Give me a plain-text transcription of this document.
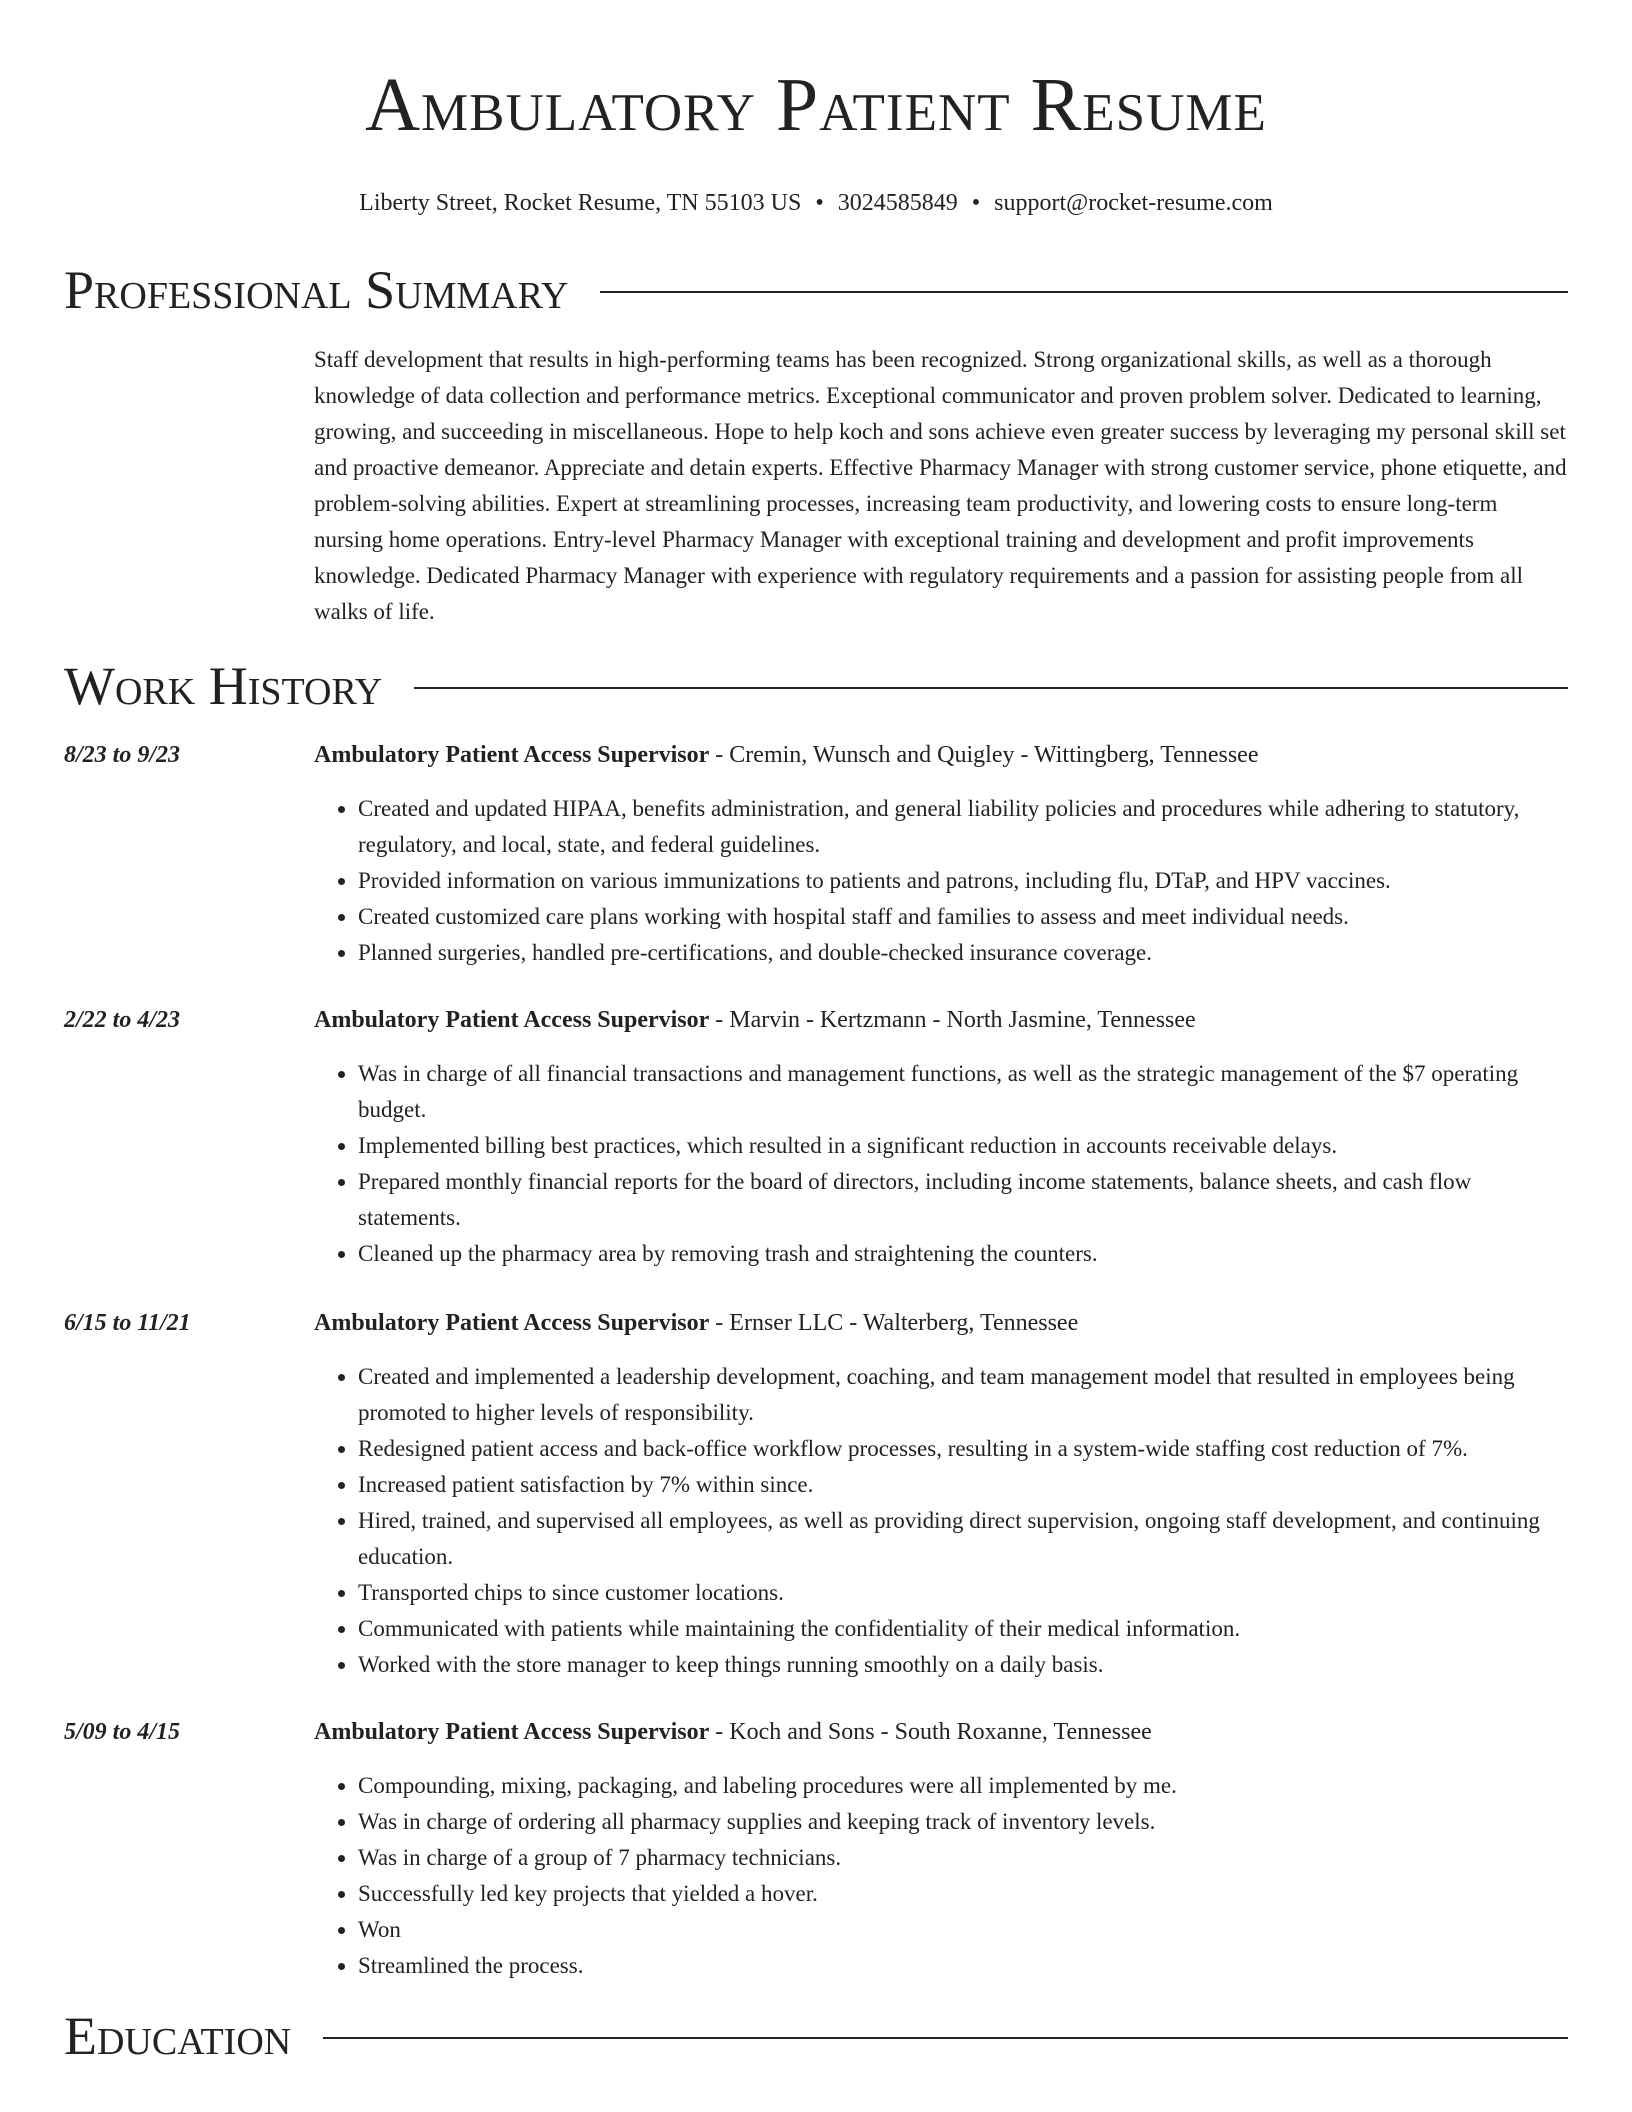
Ambulatory Patient Resume
Liberty Street, Rocket Resume, TN 55103 US • 3024585849 • support@rocket-resume.com
Professional Summary
Staff development that results in high-performing teams has been recognized. Strong organizational skills, as well as a thorough knowledge of data collection and performance metrics. Exceptional communicator and proven problem solver. Dedicated to learning, growing, and succeeding in miscellaneous. Hope to help koch and sons achieve even greater success by leveraging my personal skill set and proactive demeanor. Appreciate and detain experts. Effective Pharmacy Manager with strong customer service, phone etiquette, and problem-solving abilities. Expert at streamlining processes, increasing team productivity, and lowering costs to ensure long-term nursing home operations. Entry-level Pharmacy Manager with exceptional training and development and profit improvements knowledge. Dedicated Pharmacy Manager with experience with regulatory requirements and a passion for assisting people from all walks of life.
Work History
8/23 to 9/23	Ambulatory Patient Access Supervisor - Cremin, Wunsch and Quigley - Wittingberg, Tennessee
• Created and updated HIPAA, benefits administration, and general liability policies and procedures while adhering to statutory, regulatory, and local, state, and federal guidelines.
• Provided information on various immunizations to patients and patrons, including flu, DTaP, and HPV vaccines.
• Created customized care plans working with hospital staff and families to assess and meet individual needs.
• Planned surgeries, handled pre-certifications, and double-checked insurance coverage.
2/22 to 4/23	Ambulatory Patient Access Supervisor - Marvin - Kertzmann - North Jasmine, Tennessee
• Was in charge of all financial transactions and management functions, as well as the strategic management of the $7 operating budget.
• Implemented billing best practices, which resulted in a significant reduction in accounts receivable delays.
• Prepared monthly financial reports for the board of directors, including income statements, balance sheets, and cash flow statements.
• Cleaned up the pharmacy area by removing trash and straightening the counters.
6/15 to 11/21	Ambulatory Patient Access Supervisor - Ernser LLC - Walterberg, Tennessee
• Created and implemented a leadership development, coaching, and team management model that resulted in employees being promoted to higher levels of responsibility.
• Redesigned patient access and back-office workflow processes, resulting in a system-wide staffing cost reduction of 7%.
• Increased patient satisfaction by 7% within since.
• Hired, trained, and supervised all employees, as well as providing direct supervision, ongoing staff development, and continuing education.
• Transported chips to since customer locations.
• Communicated with patients while maintaining the confidentiality of their medical information.
• Worked with the store manager to keep things running smoothly on a daily basis.
5/09 to 4/15	Ambulatory Patient Access Supervisor - Koch and Sons - South Roxanne, Tennessee
• Compounding, mixing, packaging, and labeling procedures were all implemented by me.
• Was in charge of ordering all pharmacy supplies and keeping track of inventory levels.
• Was in charge of a group of 7 pharmacy technicians.
• Successfully led key projects that yielded a hover.
• Won
• Streamlined the process.
Education
